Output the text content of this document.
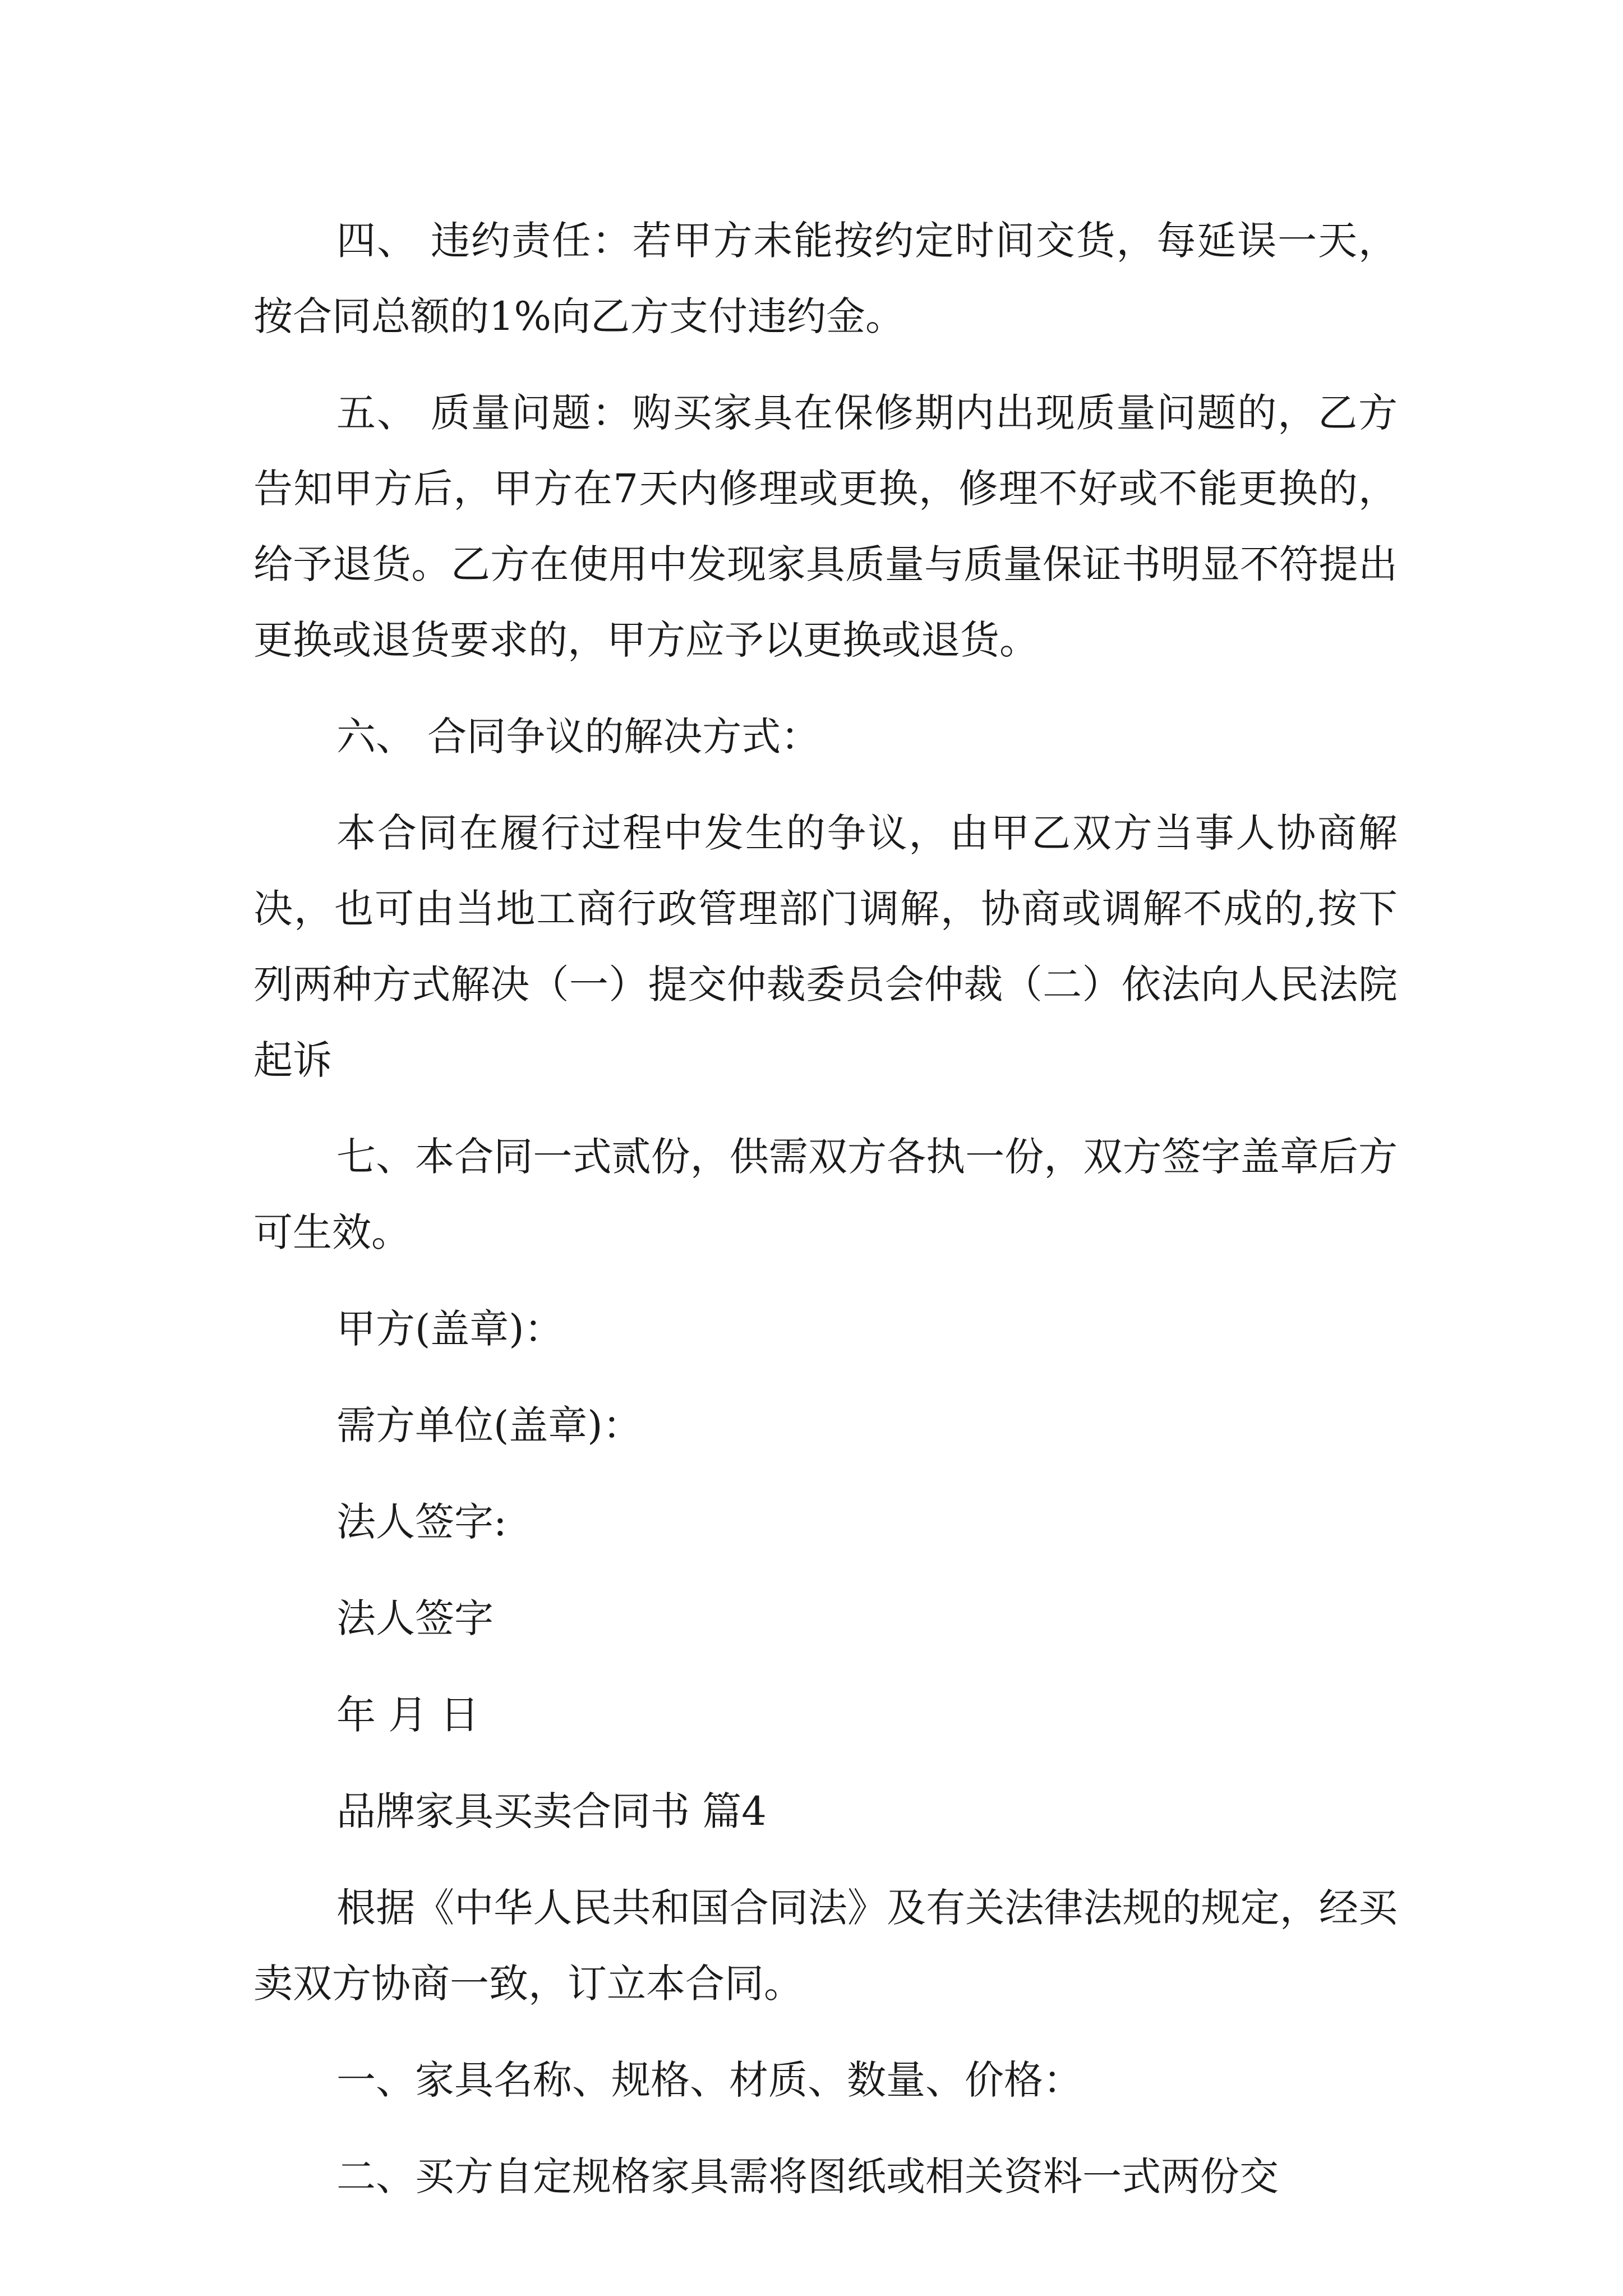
四、 违约责任：若甲方未能按约定时间交货，每延误一天，按合同总额的1%向乙方支付违约金。

五、 质量问题：购买家具在保修期内出现质量问题的，乙方告知甲方后，甲方在7天内修理或更换，修理不好或不能更换的，给予退货。乙方在使用中发现家具质量与质量保证书明显不符提出更换或退货要求的，甲方应予以更换或退货。

六、 合同争议的解决方式：

本合同在履行过程中发生的争议，由甲乙双方当事人协商解决，也可由当地工商行政管理部门调解，协商或调解不成的,按下列两种方式解决（一）提交仲裁委员会仲裁（二）依法向人民法院起诉

七、本合同一式贰份，供需双方各执一份，双方签字盖章后方可生效。

甲方(盖章)：

需方单位(盖章)：

法人签字:

法人签字

年 月 日

品牌家具买卖合同书 篇4

根据《中华人民共和国合同法》及有关法律法规的规定，经买卖双方协商一致，订立本合同。

一、家具名称、规格、材质、数量、价格：

二、买方自定规格家具需将图纸或相关资料一式两份交
